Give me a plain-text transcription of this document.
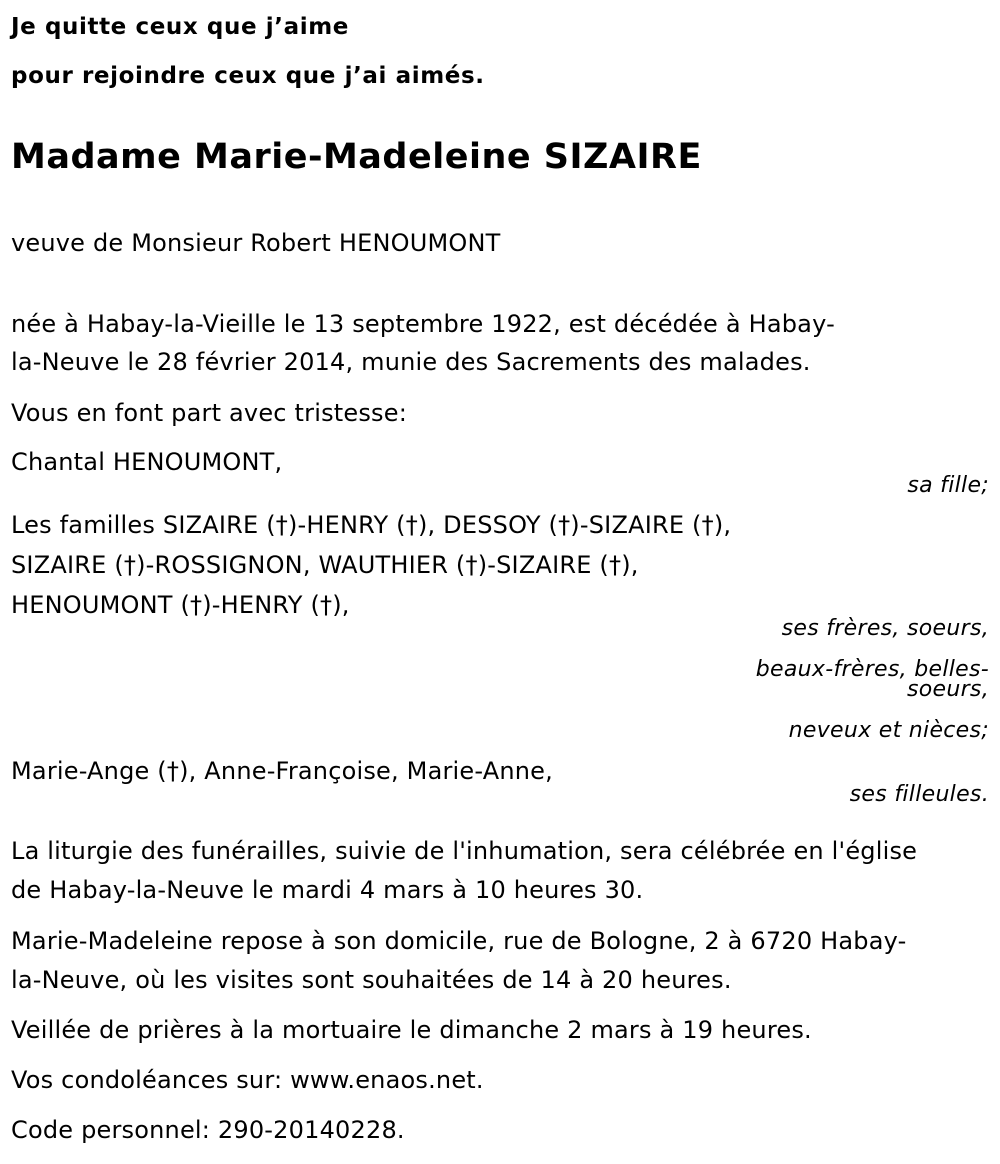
Je quitte ceux que j’aime
pour rejoindre ceux que j’ai aimés.
Madame Marie-Madeleine SIZAIRE
veuve de Monsieur Robert HENOUMONT
née à Habay-la-Vieille le 13 septembre 1922, est décédée à Habay-
la-Neuve le 28 février 2014, munie des Sacrements des malades.
Vous en font part avec tristesse:
Chantal HENOUMONT,
sa fille;
Les familles SIZAIRE (†)-HENRY (†), DESSOY (†)-SIZAIRE (†),
SIZAIRE (†)-ROSSIGNON, WAUTHIER (†)-SIZAIRE (†),
HENOUMONT (†)-HENRY (†),
ses frères, soeurs,
beaux-frères, belles-soeurs,
neveux et nièces;
Marie-Ange (†), Anne-Françoise, Marie-Anne,
ses filleules.
La liturgie des funérailles, suivie de l'inhumation, sera célébrée en l'église
de Habay-la-Neuve le mardi 4 mars à 10 heures 30.
Marie-Madeleine repose à son domicile, rue de Bologne, 2 à 6720 Habay-
la-Neuve, où les visites sont souhaitées de 14 à 20 heures.
Veillée de prières à la mortuaire le dimanche 2 mars à 19 heures.
Vos condoléances sur: www.enaos.net.
Code personnel: 290-20140228.
